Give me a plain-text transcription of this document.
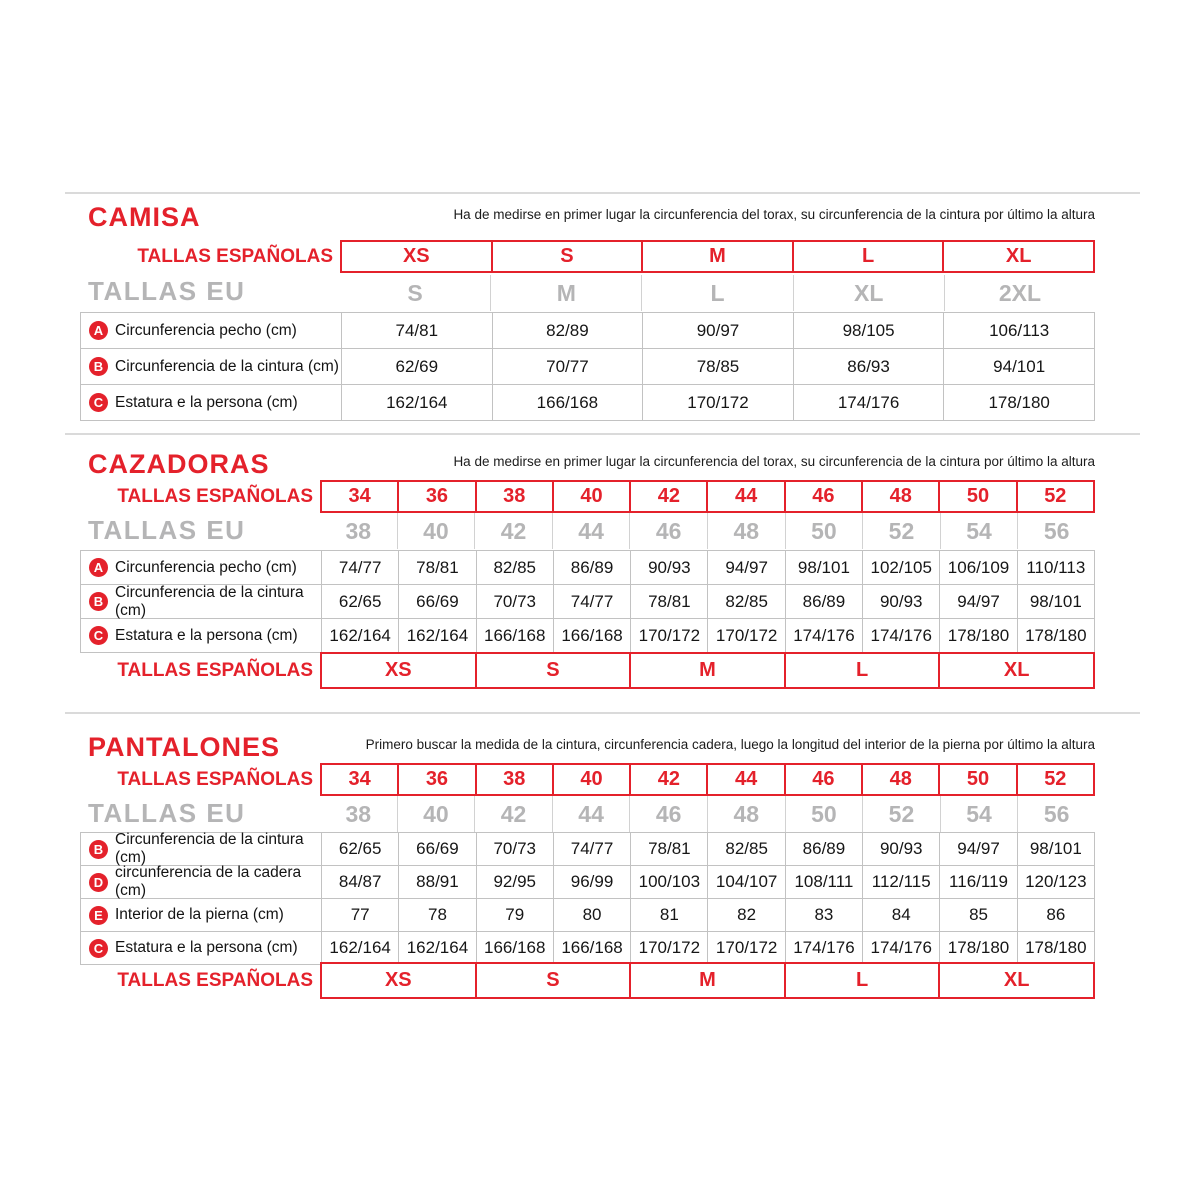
CAMISA	Ha de medirse en primer lugar la circunferencia del torax, su circunferencia de la cintura por último la altura

TALLAS ESPAÑOLAS	XS	S	M	L	XL
TALLAS EU	S	M	L	XL	2XL
A Circunferencia pecho (cm)	74/81	82/89	90/97	98/105	106/113
B Circunferencia de la cintura (cm)	62/69	70/77	78/85	86/93	94/101
C Estatura e la persona (cm)	162/164	166/168	170/172	174/176	178/180
CAZADORAS	Ha de medirse en primer lugar la circunferencia del torax, su circunferencia de la cintura por último la altura

TALLAS ESPAÑOLAS	34	36	38	40	42	44	46	48	50	52
TALLAS EU	38	40	42	44	46	48	50	52	54	56
A Circunferencia pecho (cm)	74/77	78/81	82/85	86/89	90/93	94/97	98/101	102/105 106/109	110/113
B
Circunferencia de la cintura (cm)	62/65	66/69	70/73	74/77	78/81	82/85	86/89	90/93	94/97	98/101
C Estatura e la persona (cm)	162/164 162/164 166/168 166/168 170/172 170/172 174/176 174/176 178/180 178/180
TALLAS ESPAÑOLAS	XS	S	M	L	XL
PANTALONES	Primero buscar la medida de la cintura, circunferencia cadera, luego la longitud del interior de la pierna por último la altura

TALLAS ESPAÑOLAS	34	36	38	40	42	44	46	48	50	52
TALLAS EU	38	40	42	44	46	48	50	52	54	56
B
Circunferencia de la cintura (cm)	62/65	66/69	70/73	74/77	78/81	82/85	86/89	90/93	94/97	98/101
D
circunferencia de la cadera (cm)	84/87	88/91	92/95	96/99	100/103 104/107	108/111	112/115	116/119	120/123
E Interior de la pierna (cm)	77	78	79	80	81	82	83	84	85	86
C Estatura e la persona (cm)	162/164 162/164 166/168 166/168 170/172 170/172 174/176 174/176 178/180 178/180
TALLAS ESPAÑOLAS	XS	S	M	L	XL
